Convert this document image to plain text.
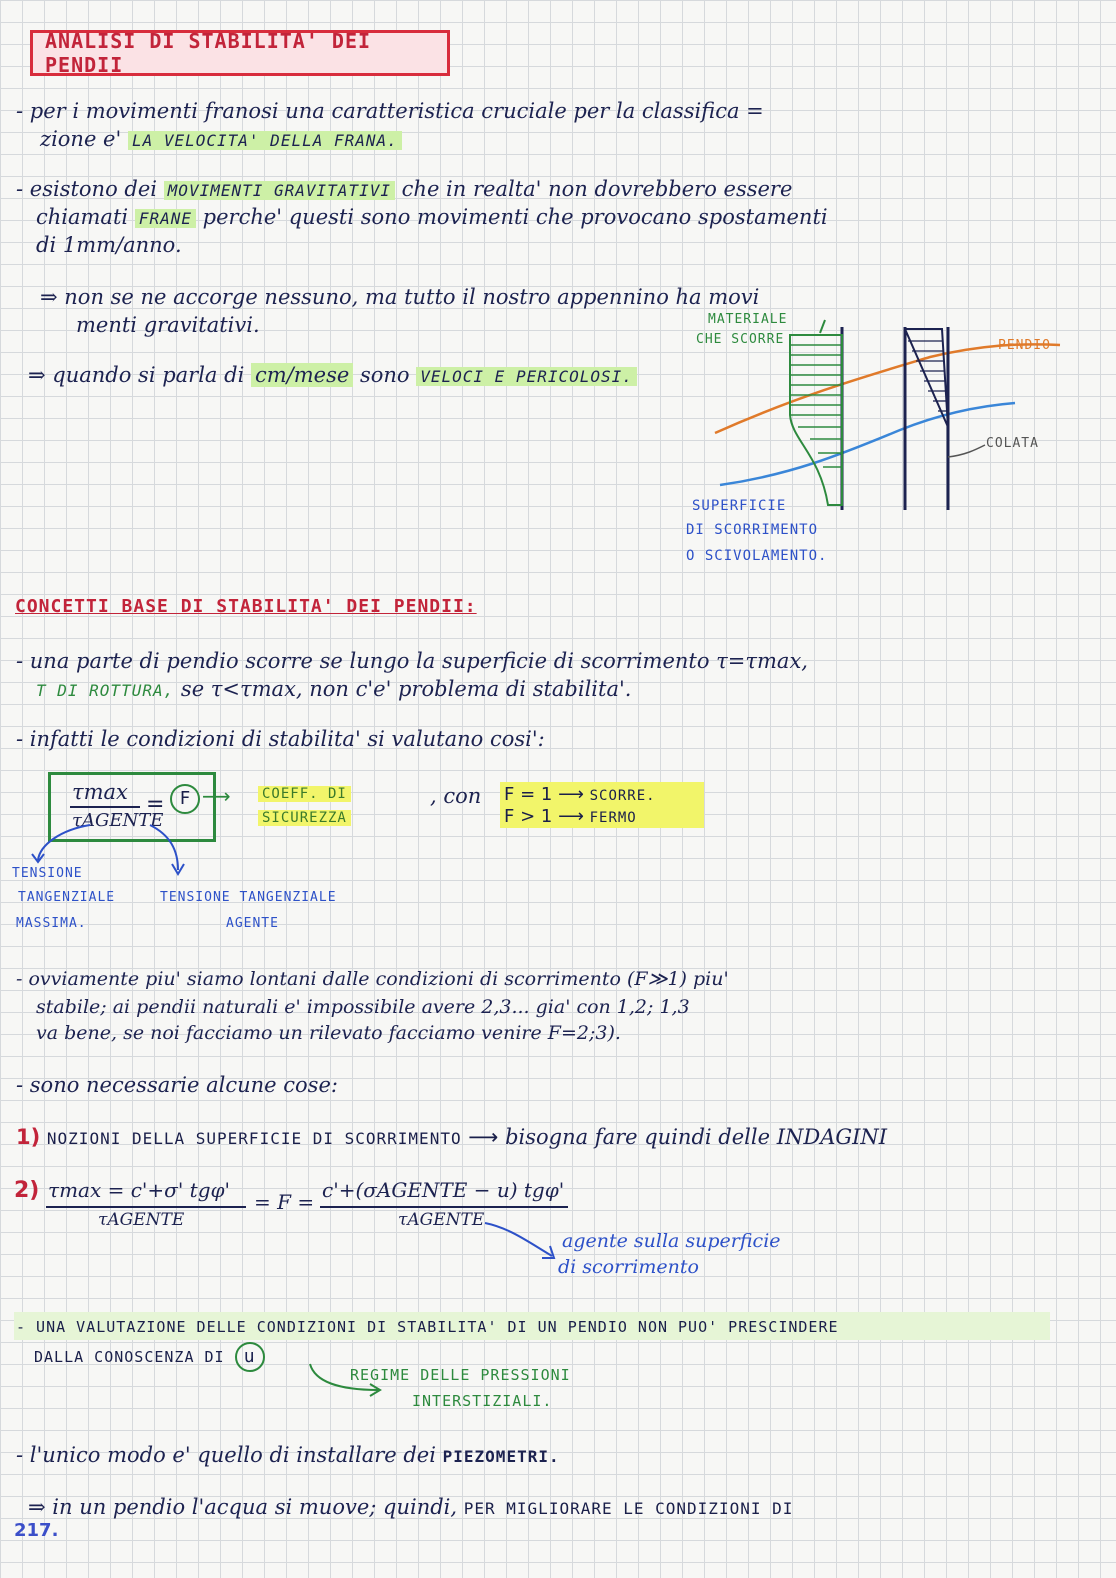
ANALISI DI STABILITA' DEI PENDII
- per i movimenti franosi una caratteristica cruciale per la classifica =
zione e' LA VELOCITA' DELLA FRANA.
- esistono dei MOVIMENTI GRAVITATIVI che in realta' non dovrebbero essere
chiamati FRANE perche' questi sono movimenti che provocano spostamenti
di 1mm/anno.
⇒ non se ne accorge nessuno, ma tutto il nostro appennino ha movi
menti gravitativi.
⇒ quando si parla di cm/mese sono VELOCI E PERICOLOSI.
MATERIALE
CHE SCORRE	PENDIO
COLATA
SUPERFICIE
DI SCORRIMENTO
O SCIVOLAMENTO.
CONCETTI BASE DI STABILITA' DEI PENDII:
- una parte di pendio scorre se lungo la superficie di scorrimento τ=τmax,
Τ DI ROTTURA, se τ<τmax, non c'e' problema di stabilita'.
- infatti le condizioni di stabilita' si valutano cosi':
τmax
τAGENTE
= F ⟶ COEFF. DI
SICUREZZA
, con F = 1 ⟶ SCORRE.
F > 1 ⟶ FERMO
TENSIONE
TANGENZIALE
MASSIMA.
TENSIONE TANGENZIALE
AGENTE
- ovviamente piu' siamo lontani dalle condizioni di scorrimento (F≫1) piu'
stabile; ai pendii naturali e' impossibile avere 2,3... gia' con 1,2; 1,3
va bene, se noi facciamo un rilevato facciamo venire F=2;3).
- sono necessarie alcune cose:
1) NOZIONI DELLA SUPERFICIE DI SCORRIMENTO ⟶ bisogna fare quindi delle INDAGINI
2) τmax = c'+σ' tgφ'
τAGENTE
= F = c'+(σAGENTE − u) tgφ'
τAGENTE
agente sulla superficie
di scorrimento
- UNA VALUTAZIONE DELLE CONDIZIONI DI STABILITA' DI UN PENDIO NON PUO' PRESCINDERE
DALLA CONOSCENZA DI u
REGIME DELLE PRESSIONI
INTERSTIZIALI.
- l'unico modo e' quello di installare dei PIEZOMETRI.
⇒ in un pendio l'acqua si muove; quindi, PER MIGLIORARE LE CONDIZIONI DI
217.
